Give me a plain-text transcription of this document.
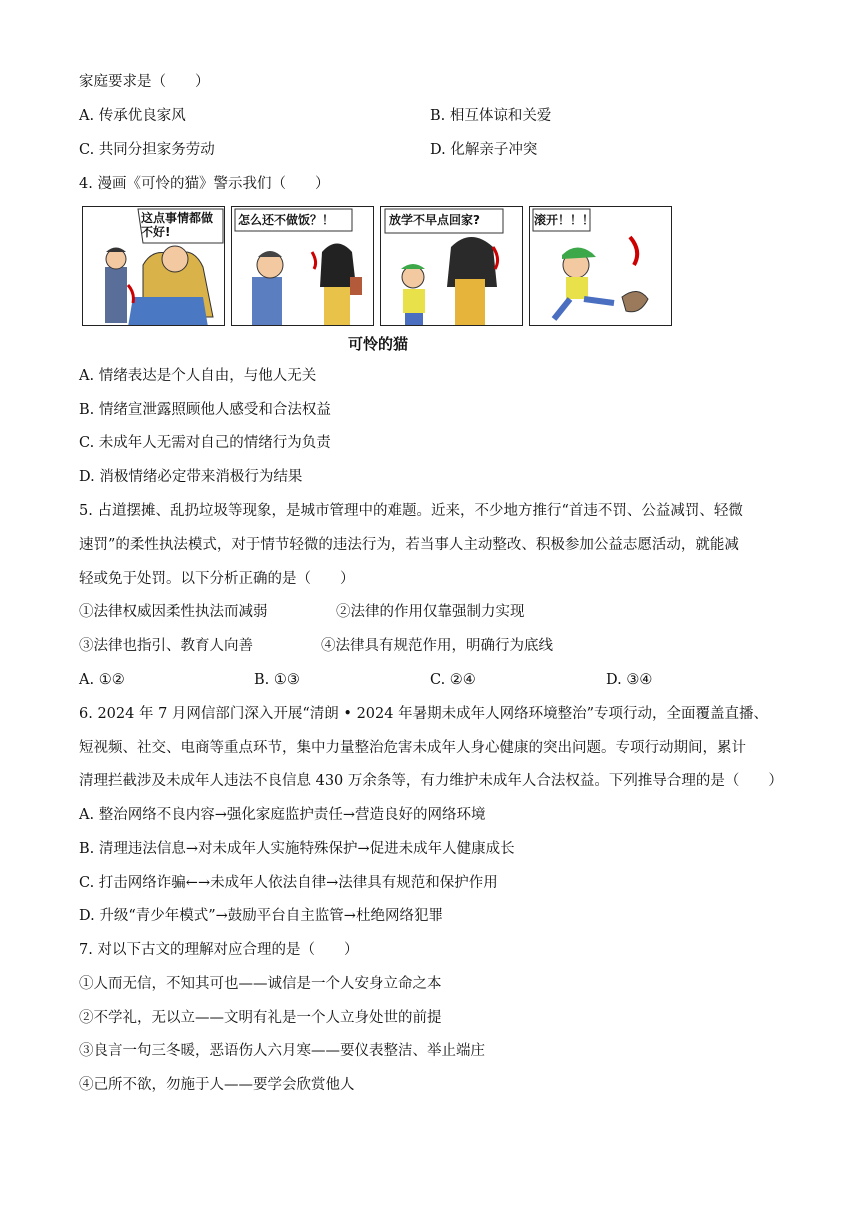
家庭要求是（　　）
A. 传承优良家风	B. 相互体谅和关爱
C. 共同分担家务劳动	D. 化解亲子冲突
4. 漫画《可怜的猫》警示我们（　　）
这点事情都做不好!
怎么还不做饭？！	放学不早点回家?	滚开！！！
可怜的猫
A. 情绪表达是个人自由，与他人无关
B. 情绪宣泄露照顾他人感受和合法权益
C. 未成年人无需对自己的情绪行为负责
D. 消极情绪必定带来消极行为结果
5. 占道摆摊、乱扔垃圾等现象，是城市管理中的难题。近来，不少地方推行“首违不罚、公益减罚、轻微
速罚”的柔性执法模式，对于情节轻微的违法行为，若当事人主动整改、积极参加公益志愿活动，就能减
轻或免于处罚。以下分析正确的是（　　）
①法律权威因柔性执法而减弱	②法律的作用仅靠强制力实现
③法律也指引、教育人向善	④法律具有规范作用，明确行为底线
A. ①②	B. ①③	C. ②④	D. ③④
6. 2024 年 7 月网信部门深入开展“清朗 • 2024 年暑期未成年人网络环境整治”专项行动，全面覆盖直播、
短视频、社交、电商等重点环节，集中力量整治危害未成年人身心健康的突出问题。专项行动期间，累计
清理拦截涉及未成年人违法不良信息 430 万余条等，有力维护未成年人合法权益。下列推导合理的是（　　）
A. 整治网络不良内容→强化家庭监护责任→营造良好的网络环境
B. 清理违法信息→对未成年人实施特殊保护→促进未成年人健康成长
C. 打击网络诈骗←→未成年人依法自律→法律具有规范和保护作用
D. 升级“青少年模式”→鼓励平台自主监管→杜绝网络犯罪
7. 对以下古文的理解对应合理的是（　　）
①人而无信，不知其可也——诚信是一个人安身立命之本
②不学礼，无以立——文明有礼是一个人立身处世的前提
③良言一句三冬暖，恶语伤人六月寒——要仪表整洁、举止端庄
④己所不欲，勿施于人——要学会欣赏他人
